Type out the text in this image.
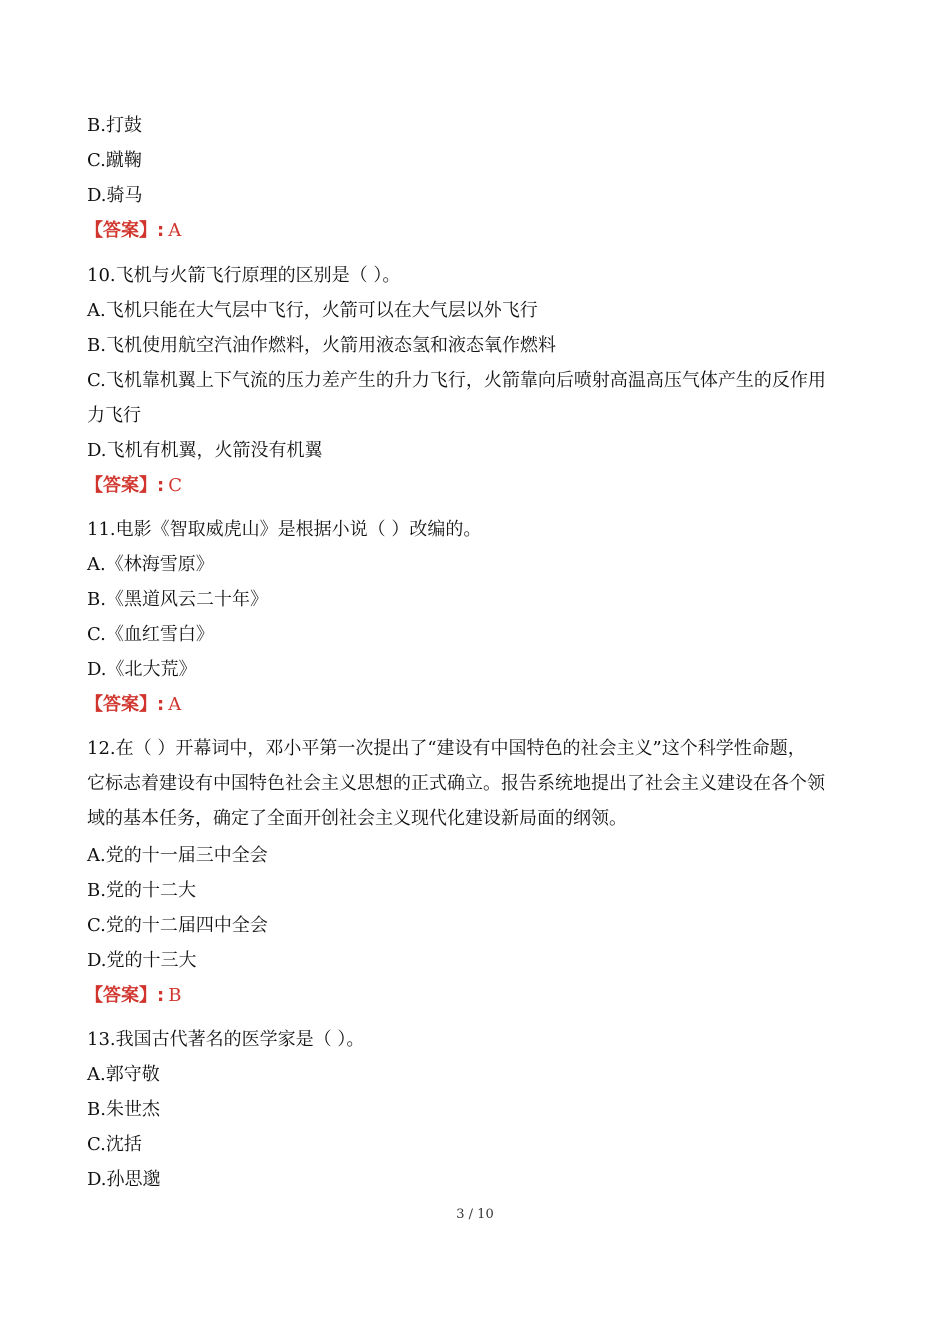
B.打鼓
C.蹴鞠
D.骑马
【答案】: A
10.飞机与火箭飞行原理的区别是（ ）。
A.飞机只能在大气层中飞行，火箭可以在大气层以外飞行
B.飞机使用航空汽油作燃料，火箭用液态氢和液态氧作燃料
C.飞机靠机翼上下气流的压力差产生的升力飞行，火箭靠向后喷射高温高压气体产生的反作用
力飞行
D.飞机有机翼，火箭没有机翼
【答案】: C
11.电影《智取威虎山》是根据小说（ ）改编的。
A.《林海雪原》
B.《黑道风云二十年》
C.《血红雪白》
D.《北大荒》
【答案】: A
12.在（ ）开幕词中，邓小平第一次提出了“建设有中国特色的社会主义”这个科学性命题，
它标志着建设有中国特色社会主义思想的正式确立。报告系统地提出了社会主义建设在各个领
域的基本任务，确定了全面开创社会主义现代化建设新局面的纲领。
A.党的十一届三中全会
B.党的十二大
C.党的十二届四中全会
D.党的十三大
【答案】: B
13.我国古代著名的医学家是（ ）。
A.郭守敬
B.朱世杰
C.沈括
D.孙思邈
3 / 10
